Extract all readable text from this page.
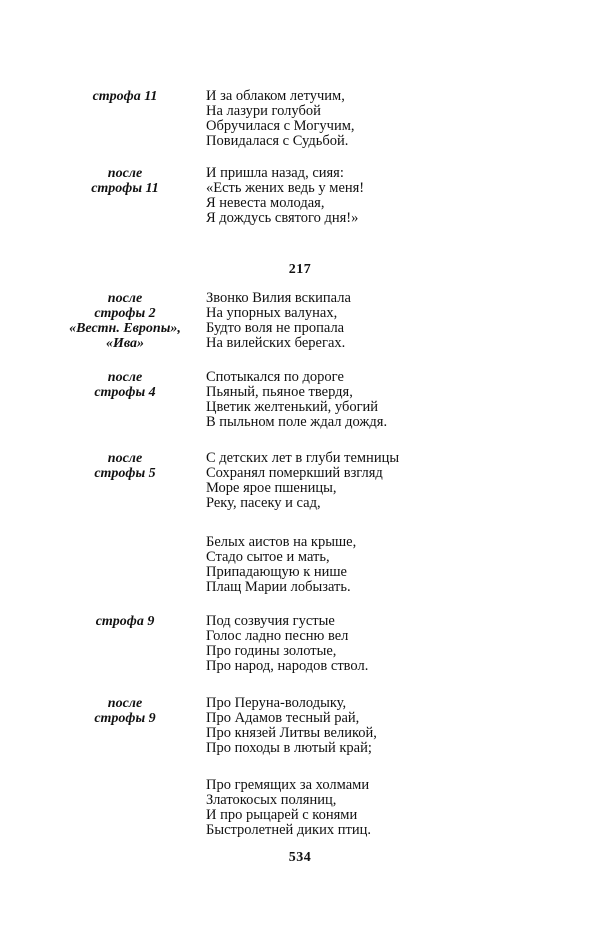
строфа 11	И за облаком летучим,
На лазури голубой
Обручилася с Могучим,
Повидалася с Судьбой.
после
строфы 11
И пришла назад, сияя:
«Есть жених ведь у меня!
Я невеста молодая,
Я дождусь святого дня!»
217
после
строфы 2
«Вестн. Европы»,
«Ива»
Звонко Вилия вскипала
На упорных валунах,
Будто воля не пропала
На вилейских берегах.
после
строфы 4
Спотыкался по дороге
Пьяный, пьяное твердя,
Цветик желтенький, убогий
В пыльном поле ждал дождя.
после
строфы 5
С детских лет в глуби темницы
Сохранял померкший взгляд
Море ярое пшеницы,
Реку, пасеку и сад,
Белых аистов на крыше,
Стадо сытое и мать,
Припадающую к нише
Плащ Марии лобызать.
строфа 9	Под созвучия густые
Голос ладно песню вел
Про годины золотые,
Про народ, народов ствол.
после
строфы 9
Про Перуна-володыку,
Про Адамов тесный рай,
Про князей Литвы великой,
Про походы в лютый край;
Про гремящих за холмами
Златокосых поляниц,
И про рыцарей с конями
Быстролетней диких птиц.
534
